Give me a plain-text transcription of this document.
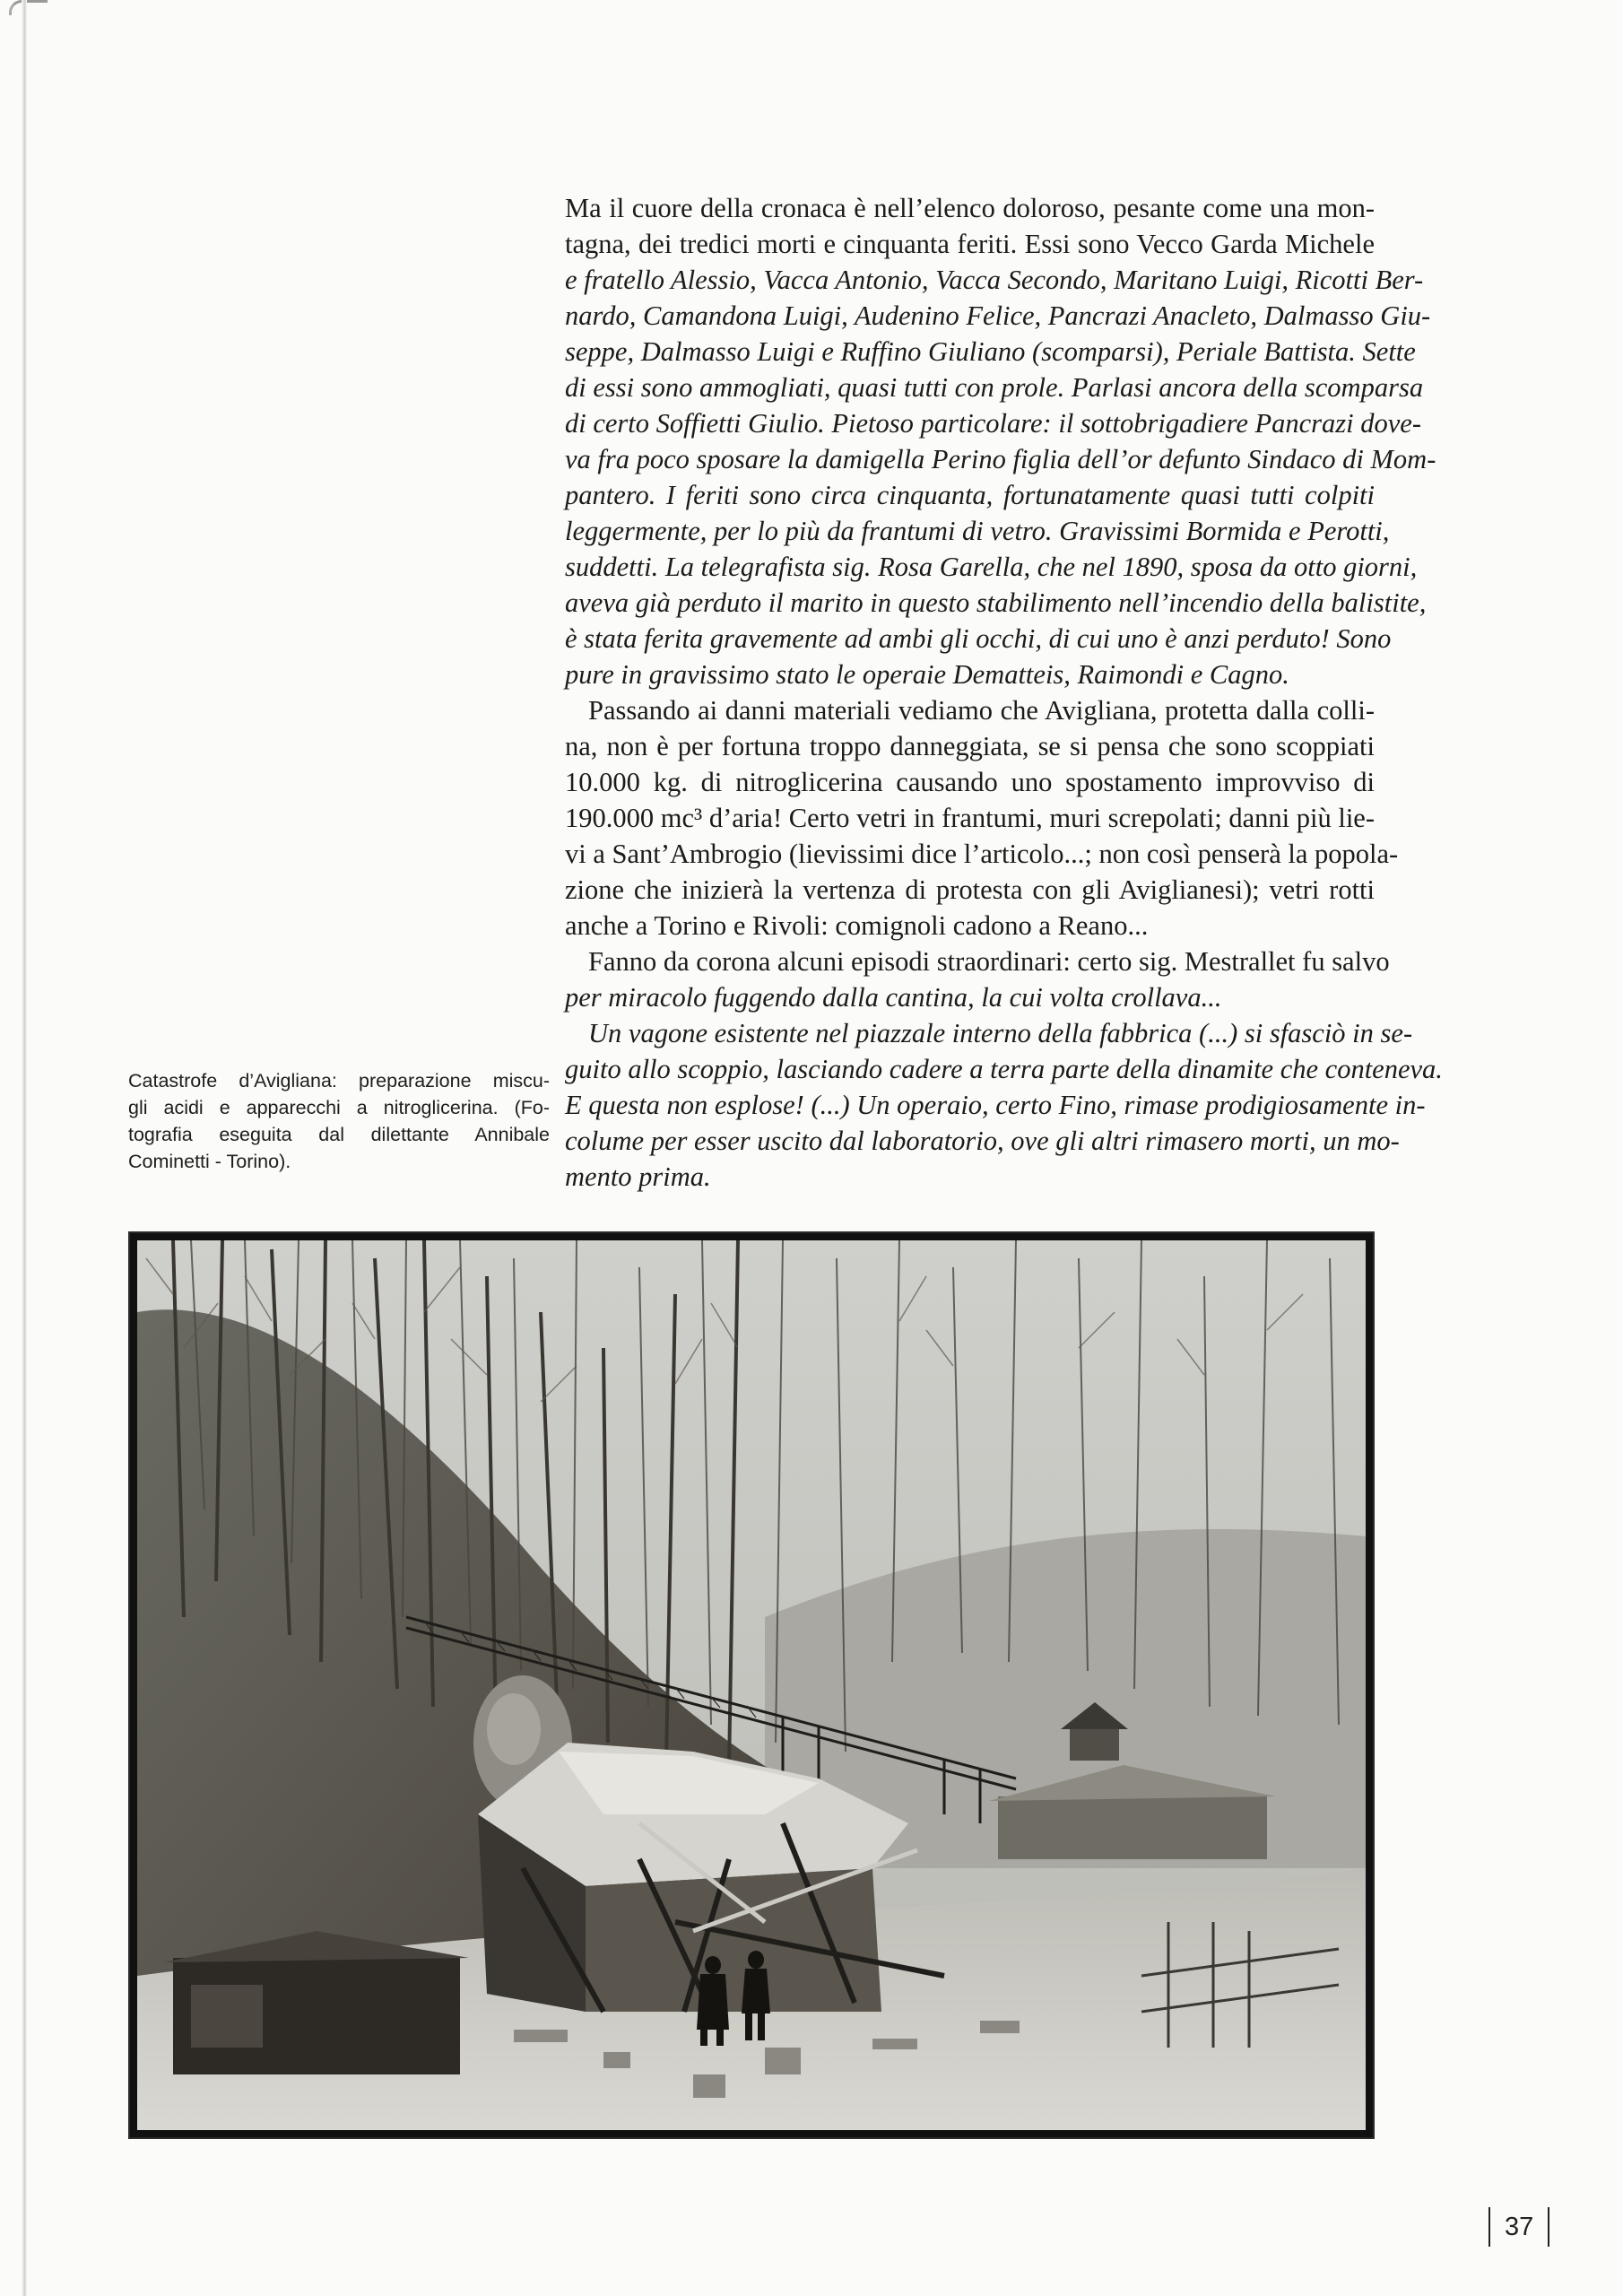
Ma il cuore della cronaca è nell’elenco doloroso, pesante come una mon-
tagna, dei tredici morti e cinquanta feriti. Essi sono Vecco Garda Michele
e fratello Alessio, Vacca Antonio, Vacca Secondo, Maritano Luigi, Ricotti Ber-
nardo, Camandona Luigi, Audenino Felice, Pancrazi Anacleto, Dalmasso Giu-
seppe, Dalmasso Luigi e Ruffino Giuliano (scomparsi), Periale Battista. Sette
di essi sono ammogliati, quasi tutti con prole. Parlasi ancora della scomparsa
di certo Soffietti Giulio. Pietoso particolare: il sottobrigadiere Pancrazi dove-
va fra poco sposare la damigella Perino figlia dell’or defunto Sindaco di Mom-
pantero. I feriti sono circa cinquanta, fortunatamente quasi tutti colpiti
leggermente, per lo più da frantumi di vetro. Gravissimi Bormida e Perotti,
suddetti. La telegrafista sig. Rosa Garella, che nel 1890, sposa da otto giorni,
aveva già perduto il marito in questo stabilimento nell’incendio della balistite,
è stata ferita gravemente ad ambi gli occhi, di cui uno è anzi perduto! Sono
pure in gravissimo stato le operaie Dematteis, Raimondi e Cagno.
Passando ai danni materiali vediamo che Avigliana, protetta dalla colli-
na, non è per fortuna troppo danneggiata, se si pensa che sono scoppiati
10.000 kg. di nitroglicerina causando uno spostamento improvviso di
190.000 mc³ d’aria! Certo vetri in frantumi, muri screpolati; danni più lie-
vi a Sant’Ambrogio (lievissimi dice l’articolo...; non così penserà la popola-
zione che inizierà la vertenza di protesta con gli Aviglianesi); vetri rotti
anche a Torino e Rivoli: comignoli cadono a Reano...
Fanno da corona alcuni episodi straordinari: certo sig. Mestrallet fu salvo
per miracolo fuggendo dalla cantina, la cui volta crollava...
Un vagone esistente nel piazzale interno della fabbrica (...) si sfasciò in se-
guito allo scoppio, lasciando cadere a terra parte della dinamite che conteneva.
E questa non esplose! (...) Un operaio, certo Fino, rimase prodigiosamente in-
colume per esser uscito dal laboratorio, ove gli altri rimasero morti, un mo-
mento prima.
Catastrofe d’Avigliana: preparazione miscu-
gli acidi e apparecchi a nitroglicerina. (Fo-
tografia eseguita dal dilettante Annibale
Cominetti - Torino).
37
